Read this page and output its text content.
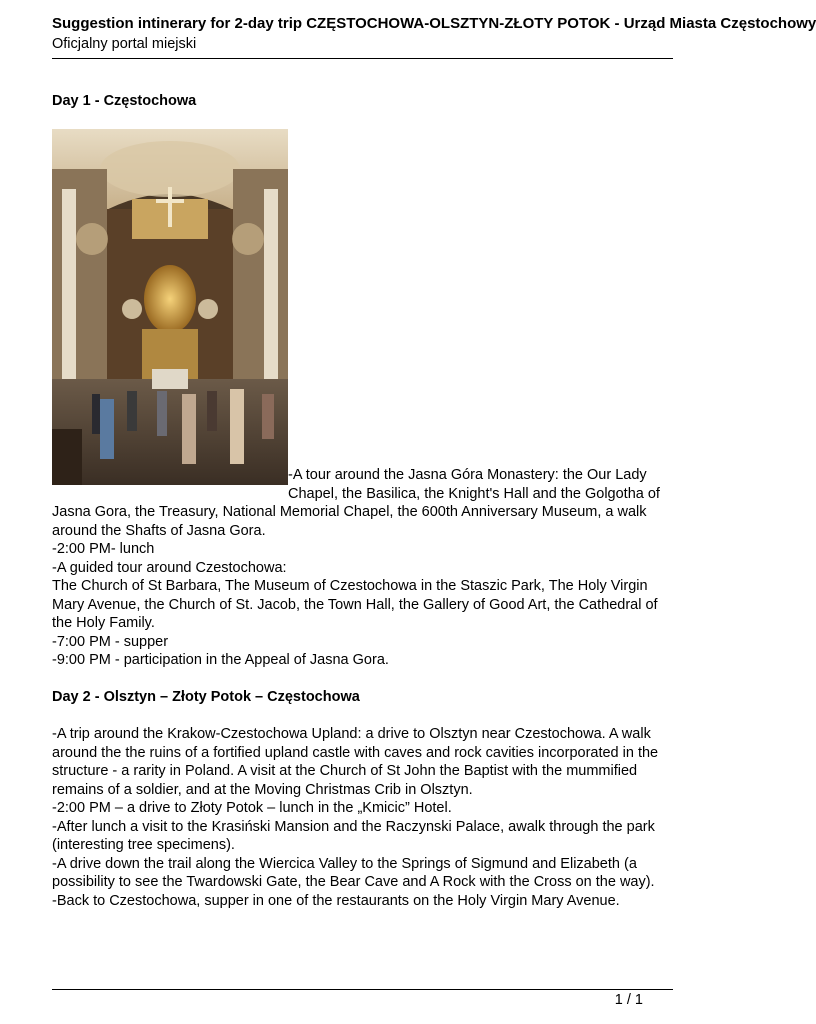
Suggestion intinerary for 2-day trip CZĘSTOCHOWA-OLSZTYN-ZŁOTY POTOK - Urząd Miasta Częstochowy
Oficjalny portal miejski
Day 1 - Częstochowa
-A tour around the Jasna Góra Monastery: the Our Lady Chapel, the Basilica, the Knight's Hall and the Golgotha of Jasna Gora, the Treasury, National Memorial Chapel, the 600th Anniversary Museum, a walk around the Shafts of Jasna Gora.
-2:00 PM- lunch
-A guided tour around Czestochowa:
The Church of St Barbara, The Museum of Czestochowa in the Staszic Park, The Holy Virgin Mary Avenue, the Church of St. Jacob, the Town Hall, the Gallery of Good Art, the Cathedral of the Holy Family.
-7:00 PM - supper
-9:00 PM - participation in the Appeal of Jasna Gora.
Day 2 - Olsztyn – Złoty Potok – Częstochowa
-A trip around the Krakow-Czestochowa Upland: a drive to Olsztyn near Czestochowa. A walk around the the ruins of a fortified upland castle with caves and rock cavities incorporated in the structure - a rarity in Poland. A visit at the Church of St John the Baptist with the mummified remains of a soldier, and at the Moving Christmas Crib in Olsztyn.
-2:00 PM – a drive to Złoty Potok – lunch in the „Kmicic” Hotel.
-After lunch a visit to the Krasiński Mansion and the Raczynski Palace, awalk through the park (interesting tree specimens).
-A drive down the trail along the Wiercica Valley to the Springs of Sigmund and Elizabeth (a possibility to see the Twardowski Gate, the Bear Cave and A Rock with the Cross on the way).
-Back to Czestochowa, supper in one of the restaurants on the Holy Virgin Mary Avenue.
1 / 1
